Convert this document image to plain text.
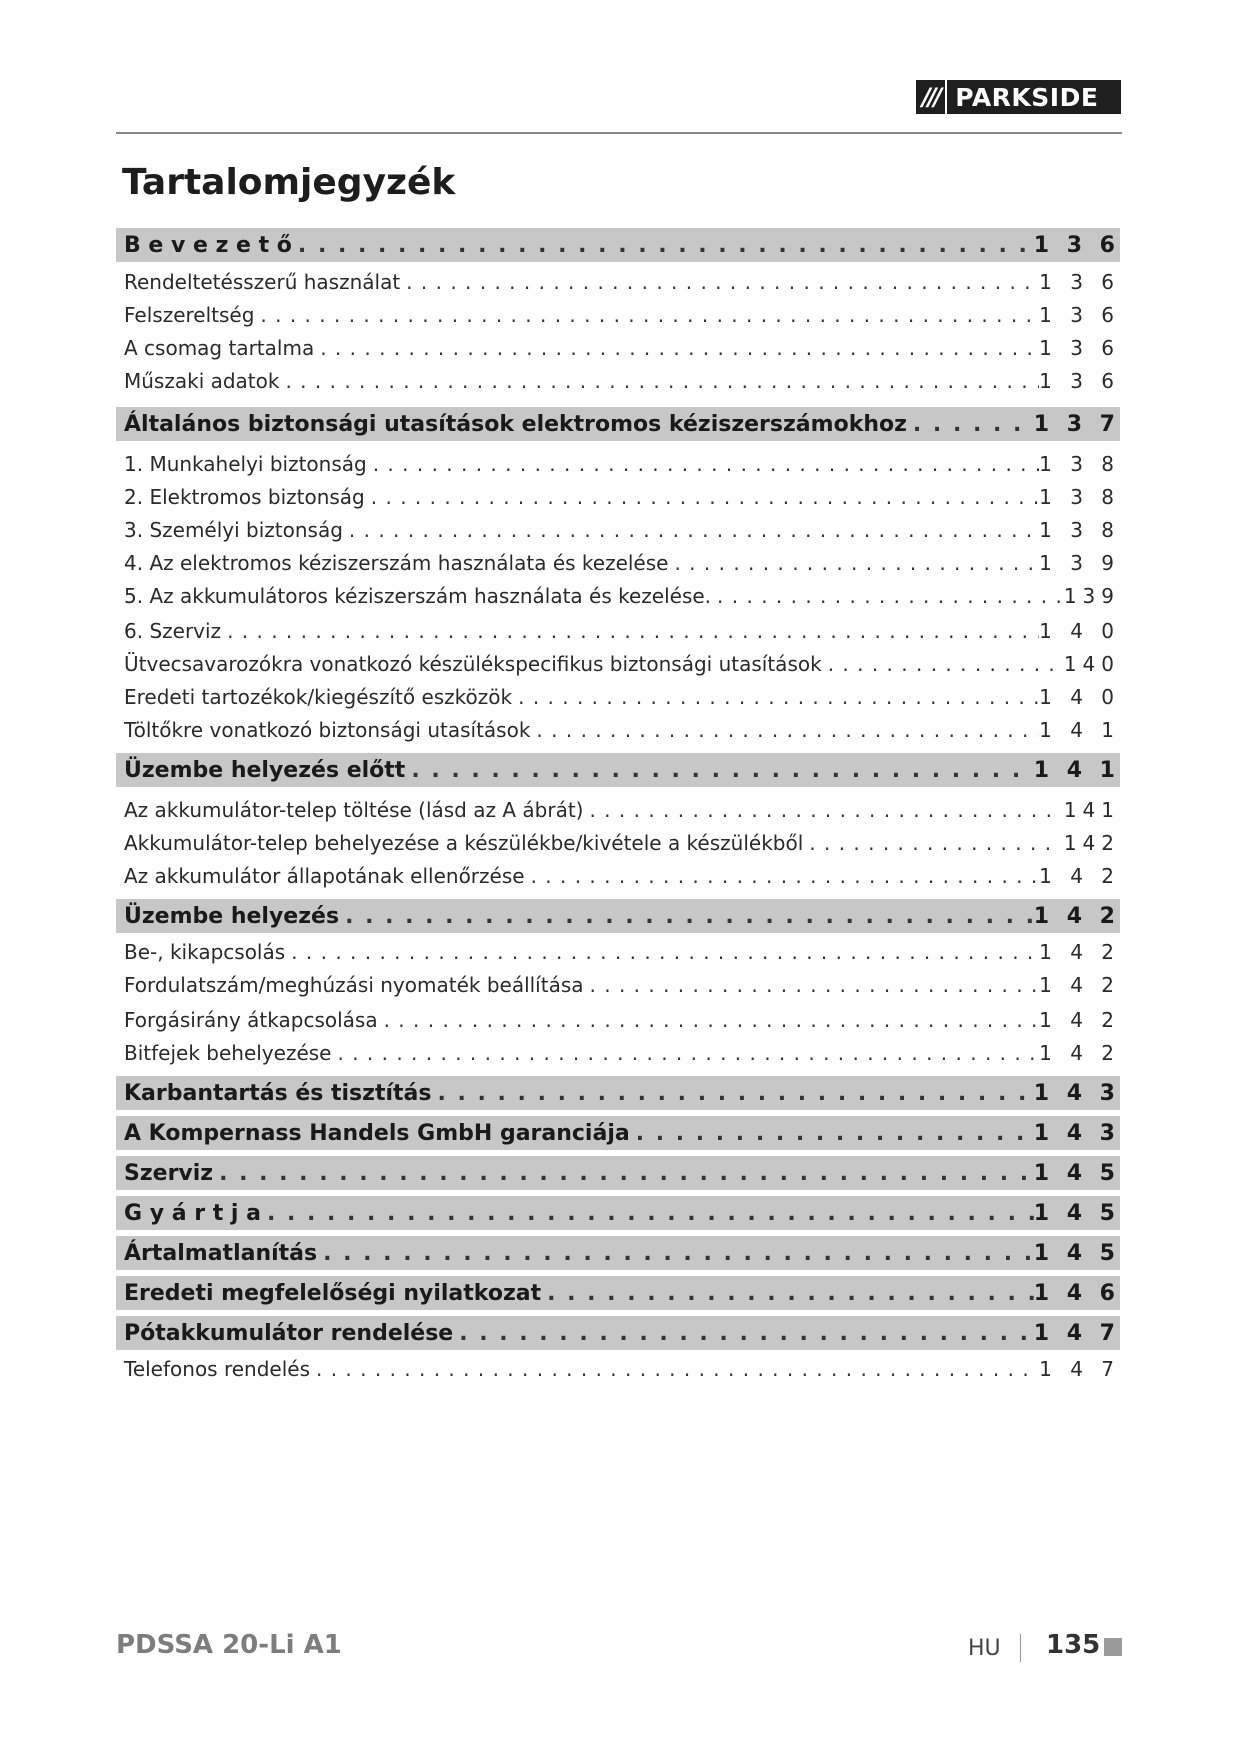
/// PARKSIDE
Tartalomjegyzék
B e v e z e t ő . . .	1 3 6
Rendeltetésszerű használat . . .	1 3 6
Felszereltség . . .	1 3 6
A csomag tartalma . . .	1 3 6
Műszaki adatok . . .	1 3 6
Általános biztonsági utasítások elektromos kéziszerszámokhoz . . .	1 3 7
1. Munkahelyi biztonság . . .	1 3 8
2. Elektromos biztonság . . .	1 3 8
3. Személyi biztonság . . .	1 3 8
4. Az elektromos kéziszerszám használata és kezelése . . .	1 3 9
5. Az akkumulátoros kéziszerszám használata és kezelése. . . .	139
6. Szerviz . . .	1 4 0
Ütvecsavarozókra vonatkozó készülékspecifikus biztonsági utasítások . . .	140
Eredeti tartozékok/kiegészítő eszközök . . .	1 4 0
Töltőkre vonatkozó biztonsági utasítások . . .	1 4 1
Üzembe helyezés előtt . . .	1 4 1
Az akkumulátor-telep töltése (lásd az A ábrát) . . .	141
Akkumulátor-telep behelyezése a készülékbe/kivétele a készülékből . . .	142
Az akkumulátor állapotának ellenőrzése . . .	1 4 2
Üzembe helyezés . . .	1 4 2
Be-, kikapcsolás . . .	1 4 2
Fordulatszám/meghúzási nyomaték beállítása . . .	1 4 2
Forgásirány átkapcsolása . . .	1 4 2
Bitfejek behelyezése . . .	1 4 2
Karbantartás és tisztítás . . .	1 4 3
A Kompernass Handels GmbH garanciája . . .	1 4 3
Szerviz . . .	1 4 5
G y á r t j a . . .	1 4 5
Ártalmatlanítás . . .	1 4 5
Eredeti megfelelőségi nyilatkozat . . .	1 4 6
Pótakkumulátor rendelése . . .	1 4 7
Telefonos rendelés . . .	1 4 7
PDSSA 20-Li A1	HU 135
